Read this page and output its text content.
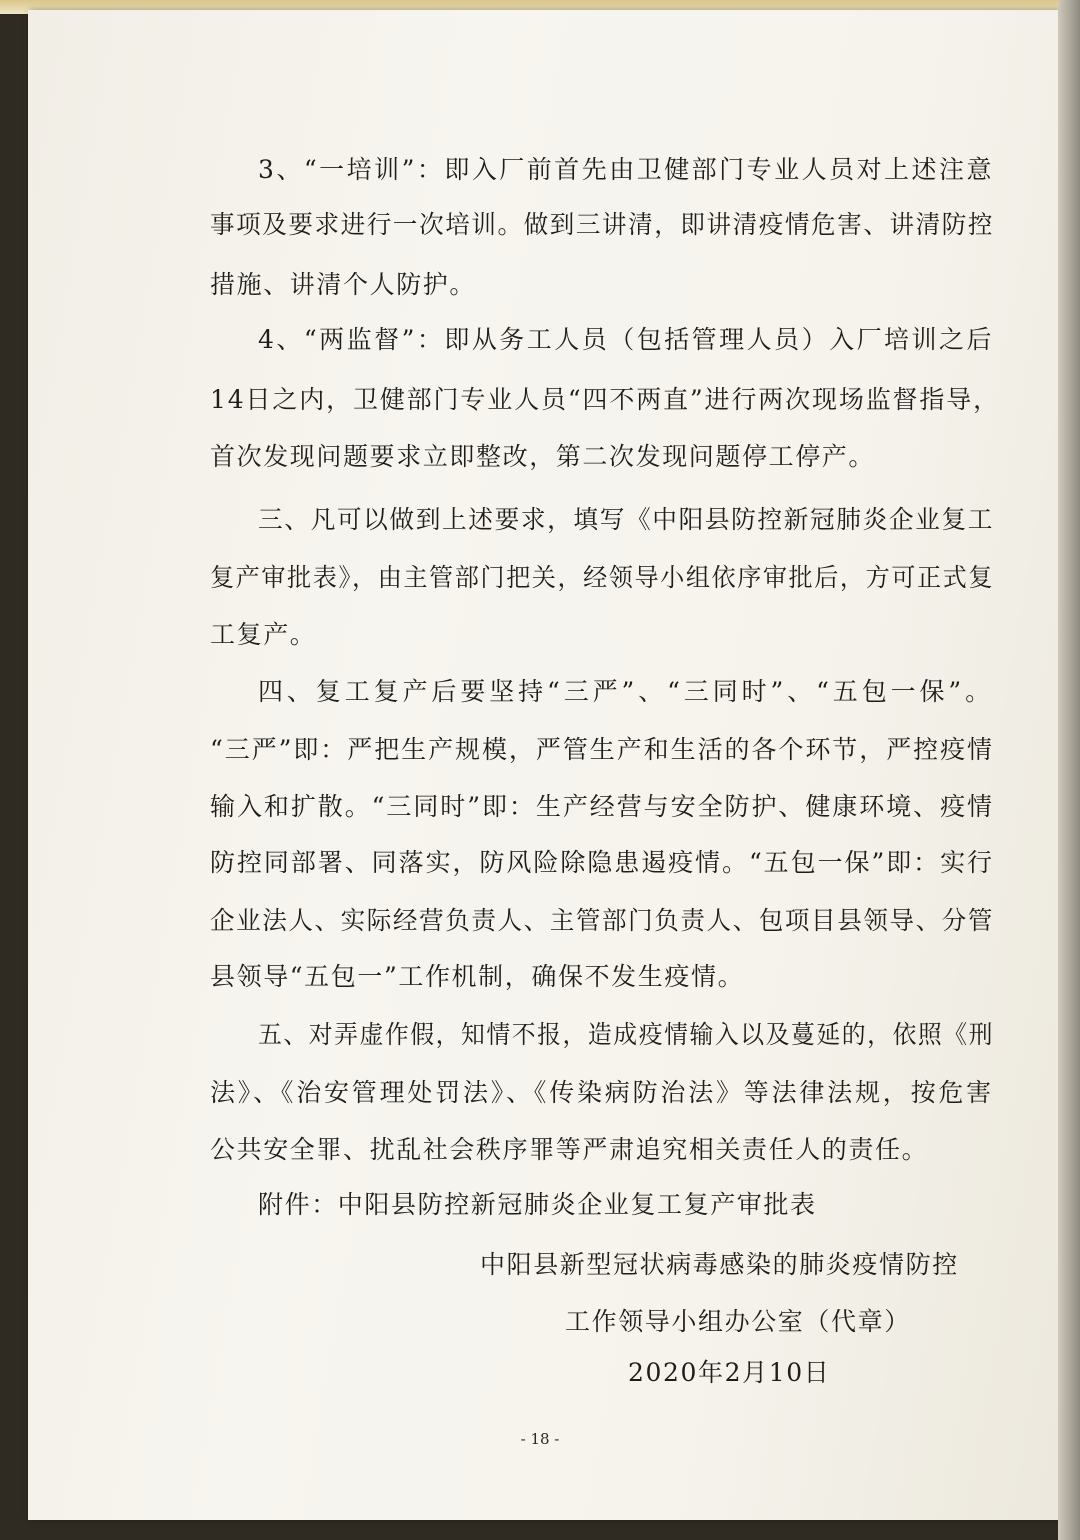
3、“一培训”：即入厂前首先由卫健部门专业人员对上述注意
事项及要求进行一次培训。做到三讲清，即讲清疫情危害、讲清防控
措施、讲清个人防护。
4、“两监督”：即从务工人员（包括管理人员）入厂培训之后
14日之内，卫健部门专业人员“四不两直”进行两次现场监督指导，
首次发现问题要求立即整改，第二次发现问题停工停产。
三、凡可以做到上述要求，填写《中阳县防控新冠肺炎企业复工
复产审批表》，由主管部门把关，经领导小组依序审批后，方可正式复
工复产。
四、复工复产后要坚持“三严”、“三同时”、“五包一保”。
“三严”即：严把生产规模，严管生产和生活的各个环节，严控疫情
输入和扩散。“三同时”即：生产经营与安全防护、健康环境、疫情
防控同部署、同落实，防风险除隐患遏疫情。“五包一保”即：实行
企业法人、实际经营负责人、主管部门负责人、包项目县领导、分管
县领导“五包一”工作机制，确保不发生疫情。
五、对弄虚作假，知情不报，造成疫情输入以及蔓延的，依照《刑
法》、《治安管理处罚法》、《传染病防治法》等法律法规，按危害
公共安全罪、扰乱社会秩序罪等严肃追究相关责任人的责任。
附件：中阳县防控新冠肺炎企业复工复产审批表
中阳县新型冠状病毒感染的肺炎疫情防控
工作领导小组办公室（代章）
2020年2月10日
- 18 -
